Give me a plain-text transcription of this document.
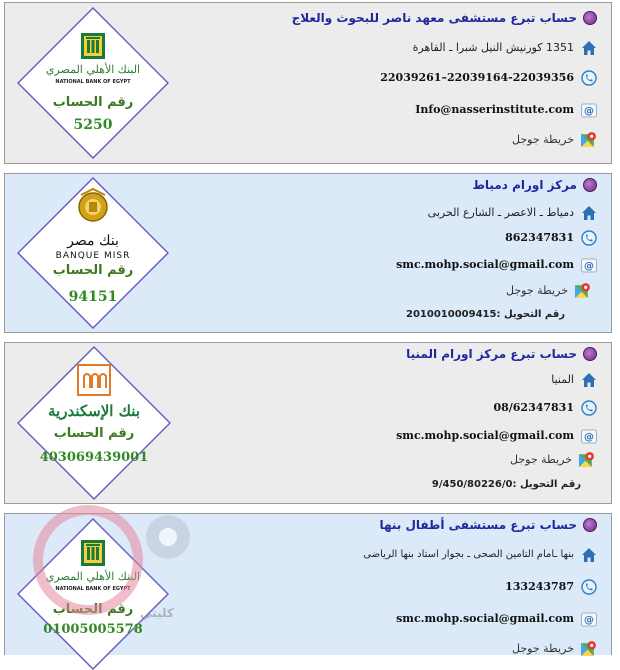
حساب تبرع مستشفى معهد ناصر للبحوث والعلاج
1351 كورنيش النيل شبرا ـ القاهرة
22039261–22039164-22039356
Info@nasserinstitute.com
خريطة جوجل
البنك الأهلي المصري
NATIONAL BANK OF EGYPT
رقم الحساب
5250
مركز اورام دمياط
دمياط ـ الاعصر ـ الشارع الحربى
862347831
smc.mohp.social@gmail.com
خريطة جوجل
رقم التحويل :2010010009415
بنك مصر
BANQUE MISR
رقم الحساب
94151
حساب تبرع مركز اورام المنيا
المنيا
08/62347831
smc.mohp.social@gmail.com
خريطة جوجل
رقم التحويل :9/450/80226/0
بنك الإسكندرية
رقم الحساب
403069439001
حساب تبرع مستشفى أطفال بنها
بنها ـامام التامين الصحى ـ بجوار استاد بنها الرياضى
133243787
smc.mohp.social@gmail.com
خريطة جوجل
البنك الأهلي المصري
NATIONAL BANK OF EGYPT
رقم الحساب
01005005578
كليتي
